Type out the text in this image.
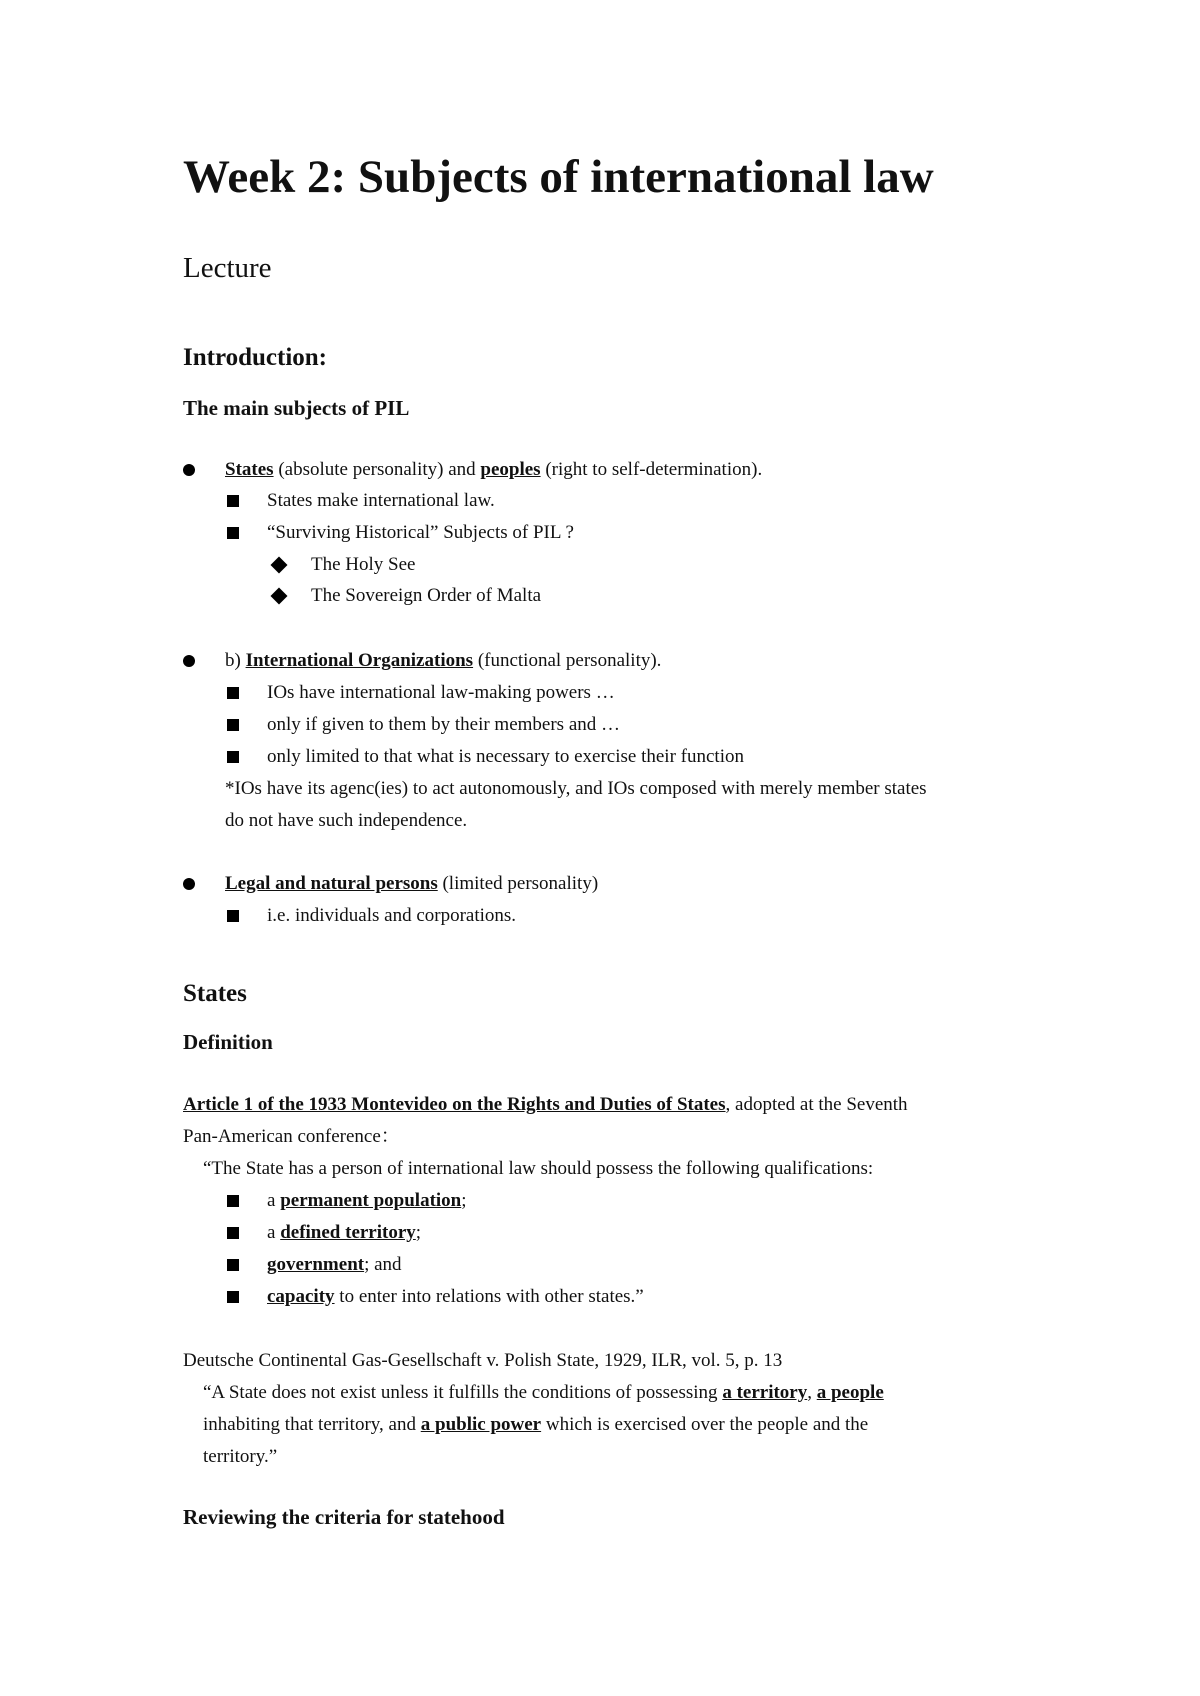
Week 2: Subjects of international law
Lecture
Introduction:
The main subjects of PIL
States (absolute personality) and peoples (right to self-determination).
States make international law.
“Surviving Historical” Subjects of PIL ?
The Holy See
The Sovereign Order of Malta
b) International Organizations (functional personality).
IOs have international law-making powers …
only if given to them by their members and …
only limited to that what is necessary to exercise their function
*IOs have its agenc(ies) to act autonomously, and IOs composed with merely member states
do not have such independence.
Legal and natural persons (limited personality)
i.e. individuals and corporations.
States
Definition
Article 1 of the 1933 Montevideo on the Rights and Duties of States, adopted at the Seventh
Pan-American conference：
“The State has a person of international law should possess the following qualifications:
a permanent population;
a defined territory;
government; and
capacity to enter into relations with other states.”
Deutsche Continental Gas-Gesellschaft v. Polish State, 1929, ILR, vol. 5, p. 13
“A State does not exist unless it fulfills the conditions of possessing a territory, a people
inhabiting that territory, and a public power which is exercised over the people and the
territory.”
Reviewing the criteria for statehood
